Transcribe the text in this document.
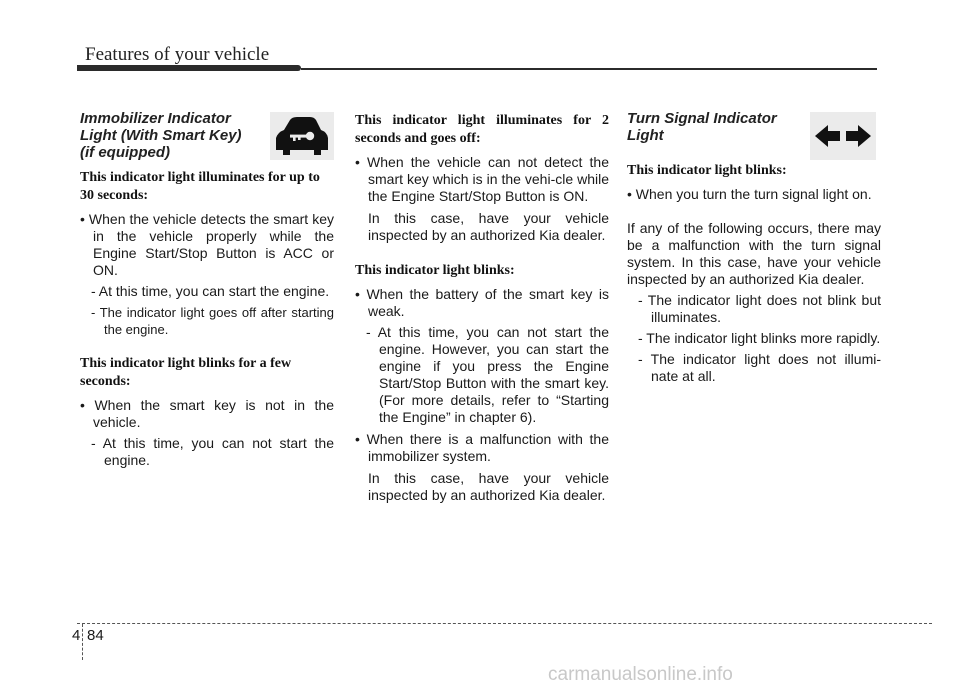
Features of your vehicle
Immobilizer Indicator
Light (With Smart Key)
(if equipped)
This indicator light illuminates for up to 30 seconds:
• When the vehicle detects the smart key in the vehicle properly while the Engine Start/Stop Button is ACC or ON.
- At this time, you can start the engine.
- The indicator light goes off after starting the engine.
This indicator light blinks for a few seconds:
• When the smart key is not in the vehicle.
- At this time, you can not start the engine.
This indicator light illuminates for 2 seconds and goes off:
• When the vehicle can not detect the smart key which is in the vehi-cle while the Engine Start/Stop Button is ON.
In this case, have your vehicle inspected by an authorized Kia dealer.
This indicator light blinks:
• When the battery of the smart key is weak.
- At this time, you can not start the engine. However, you can start the engine if you press the Engine Start/Stop Button with the smart key. (For more details, refer to “Starting the Engine” in chapter 6).
• When there is a malfunction with the immobilizer system.
In this case, have your vehicle inspected by an authorized Kia dealer.
Turn Signal Indicator
Light
This indicator light blinks:
• When you turn the turn signal light on.
If any of the following occurs, there may be a malfunction with the turn signal system. In this case, have your vehicle inspected by an authorized Kia dealer.
- The indicator light does not blink but illuminates.
- The indicator light blinks more rapidly.
- The indicator light does not illumi-nate at all.
4 84
carmanualsonline.info
